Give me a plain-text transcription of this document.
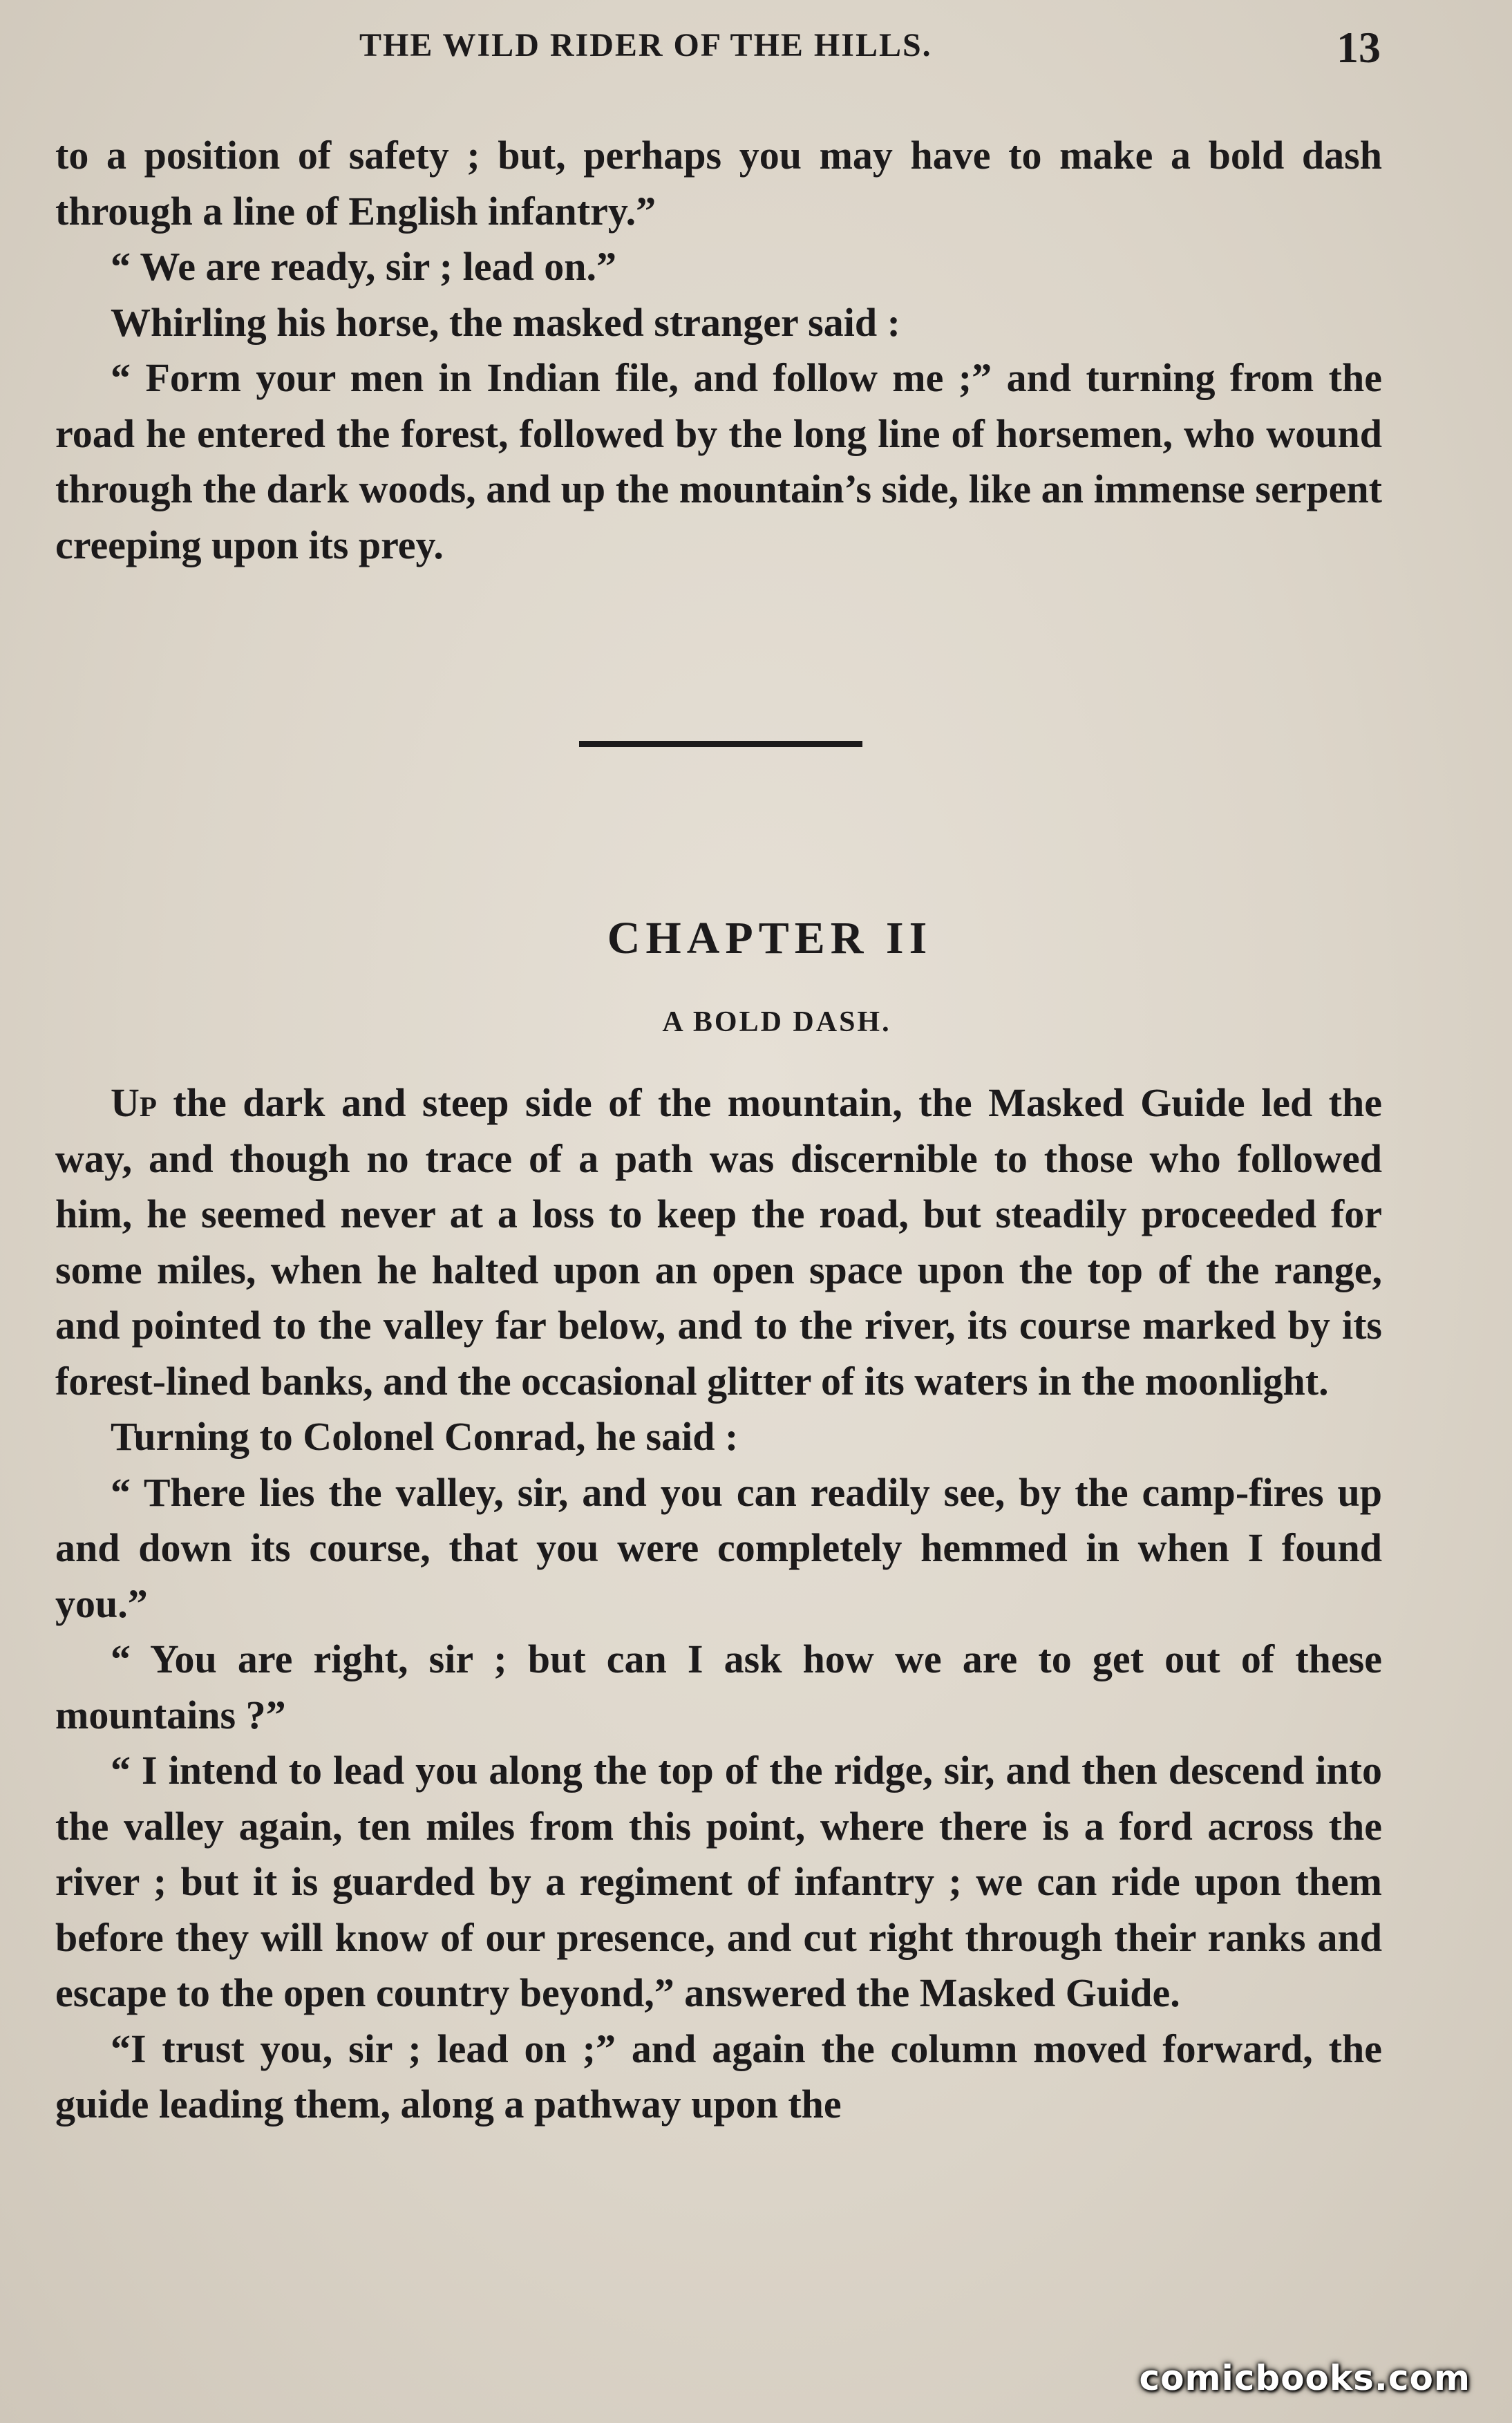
THE WILD RIDER OF THE HILLS.	13

to a position of safety ; but, perhaps you may have to make a bold dash through a line of English infantry.”

“ We are ready, sir ; lead on.”

Whirling his horse, the masked stranger said :

“ Form your men in Indian file, and follow me ;” and turning from the road he entered the forest, followed by the long line of horsemen, who wound through the dark woods, and up the mountain’s side, like an immense serpent creeping upon its prey.

CHAPTER II
A BOLD DASH.

Up the dark and steep side of the mountain, the Masked Guide led the way, and though no trace of a path was discernible to those who followed him, he seemed never at a loss to keep the road, but steadily proceeded for some miles, when he halted upon an open space upon the top of the range, and pointed to the valley far below, and to the river, its course marked by its forest-lined banks, and the occasional glitter of its waters in the moonlight.

Turning to Colonel Conrad, he said :

“ There lies the valley, sir, and you can readily see, by the camp-fires up and down its course, that you were completely hemmed in when I found you.”

“ You are right, sir ; but can I ask how we are to get out of these mountains ?”

“ I intend to lead you along the top of the ridge, sir, and then descend into the valley again, ten miles from this point, where there is a ford across the river ; but it is guarded by a regiment of infantry ; we can ride upon them before they will know of our presence, and cut right through their ranks and escape to the open country beyond,” answered the Masked Guide.

“I trust you, sir ; lead on ;” and again the column moved forward, the guide leading them, along a pathway upon the

comicbooks.com
